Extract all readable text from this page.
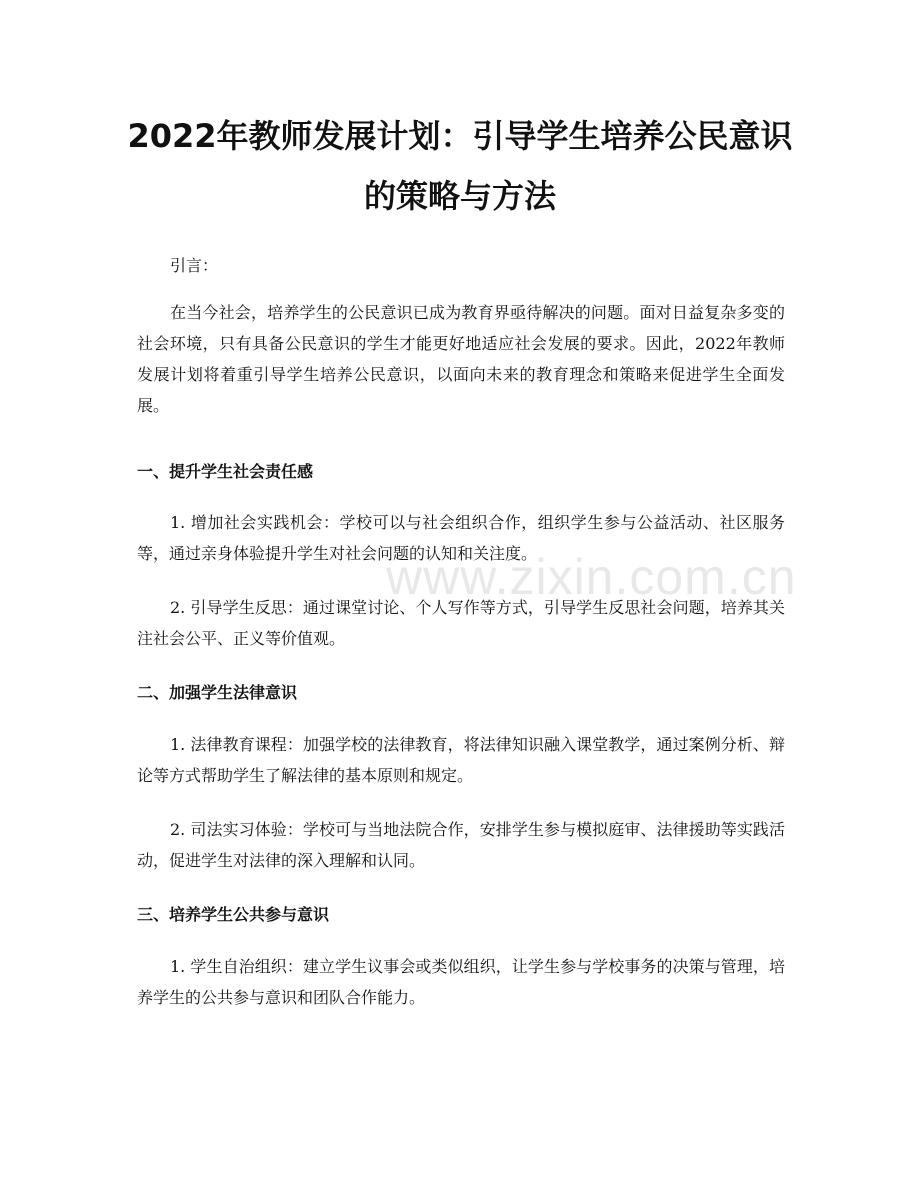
www.zixin.com.cn
2022年教师发展计划：引导学生培养公民意识的策略与方法

引言：

在当今社会，培养学生的公民意识已成为教育界亟待解决的问题。面对日益复杂多变的社会环境，只有具备公民意识的学生才能更好地适应社会发展的要求。因此，2022年教师发展计划将着重引导学生培养公民意识，以面向未来的教育理念和策略来促进学生全面发展。

一、提升学生社会责任感

1. 增加社会实践机会：学校可以与社会组织合作，组织学生参与公益活动、社区服务等，通过亲身体验提升学生对社会问题的认知和关注度。

2. 引导学生反思：通过课堂讨论、个人写作等方式，引导学生反思社会问题，培养其关注社会公平、正义等价值观。

二、加强学生法律意识

1. 法律教育课程：加强学校的法律教育，将法律知识融入课堂教学，通过案例分析、辩论等方式帮助学生了解法律的基本原则和规定。

2. 司法实习体验：学校可与当地法院合作，安排学生参与模拟庭审、法律援助等实践活动，促进学生对法律的深入理解和认同。

三、培养学生公共参与意识

1. 学生自治组织：建立学生议事会或类似组织，让学生参与学校事务的决策与管理，培养学生的公共参与意识和团队合作能力。
